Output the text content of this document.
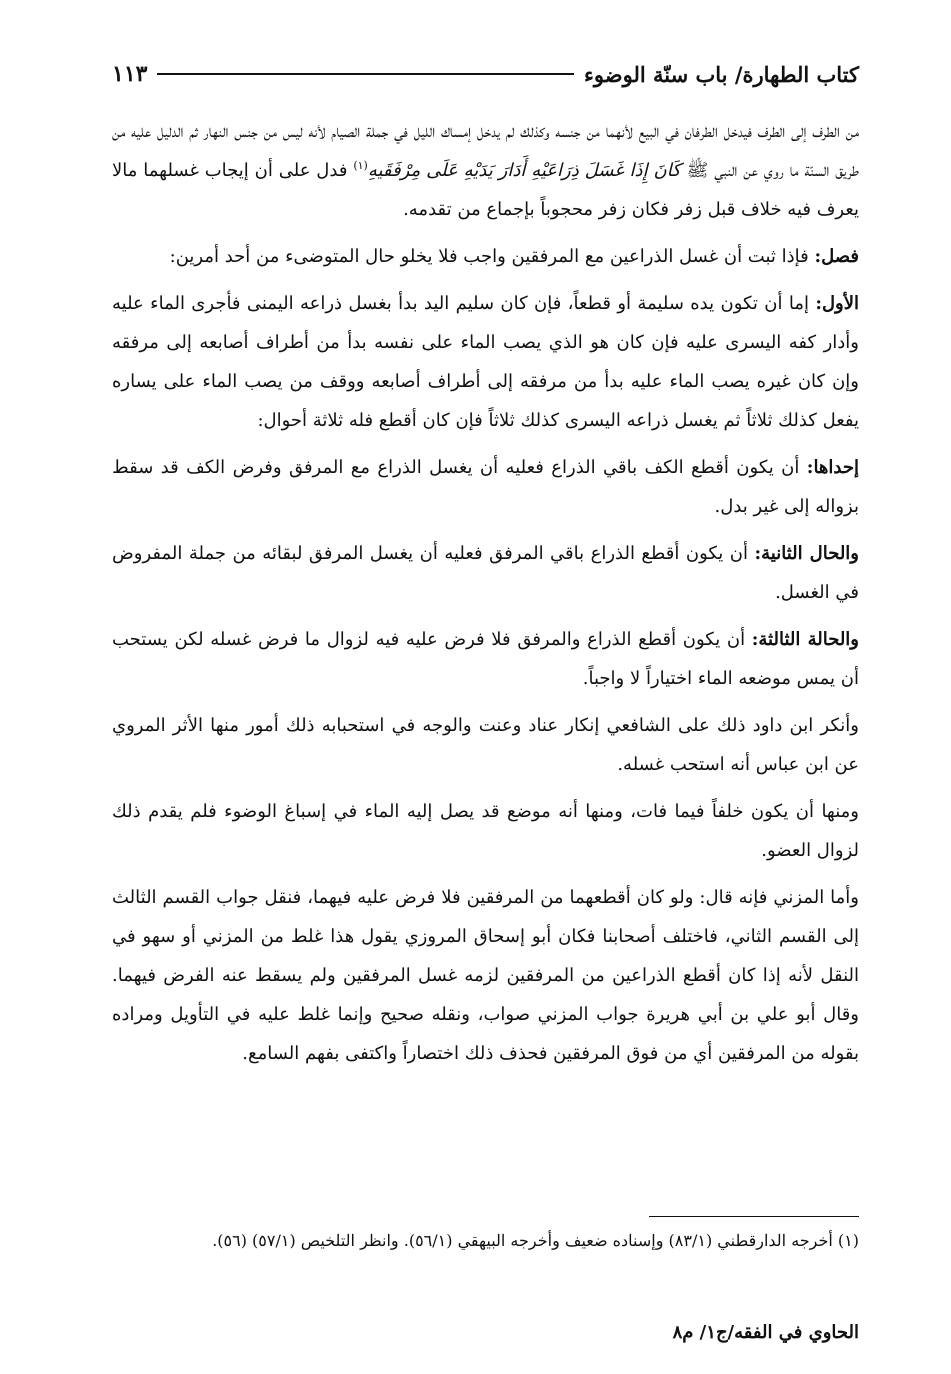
كتاب الطهارة/ باب سنّة الوضوء
١١٣

من الطرف إلى الطرف فيدخل الطرفان في البيع لأنهما من جنسه وكذلك لم يدخل إمساك الليل في جملة الصيام لأنه ليس من جنس النهار ثم الدليل عليه من طريق السنّة ما روي عن النبي ﷺ كَانَ إِذَا غَسَلَ ذِرَاعَيْهِ أَدَارَ يَدَيْهِ عَلَى مِرْفَقَيهِ$^{(١)}$ فدل على أن إيجاب غسلهما مالا يعرف فيه خلاف قبل زفر فكان زفر محجوباً بإجماع من تقدمه.

فصل: فإذا ثبت أن غسل الذراعين مع المرفقين واجب فلا يخلو حال المتوضىء من أحد أمرين:

الأول: إما أن تكون يده سليمة أو قطعاً، فإن كان سليم اليد بدأ بغسل ذراعه اليمنى فأجرى الماء عليه وأدار كفه اليسرى عليه فإن كان هو الذي يصب الماء على نفسه بدأ من أطراف أصابعه إلى مرفقه وإن كان غيره يصب الماء عليه بدأ من مرفقه إلى أطراف أصابعه ووقف من يصب الماء على يساره يفعل كذلك ثلاثاً ثم يغسل ذراعه اليسرى كذلك ثلاثاً فإن كان أقطع فله ثلاثة أحوال:

إحداها: أن يكون أقطع الكف باقي الذراع فعليه أن يغسل الذراع مع المرفق وفرض الكف قد سقط بزواله إلى غير بدل.

والحال الثانية: أن يكون أقطع الذراع باقي المرفق فعليه أن يغسل المرفق لبقائه من جملة المفروض في الغسل.

والحالة الثالثة: أن يكون أقطع الذراع والمرفق فلا فرض عليه فيه لزوال ما فرض غسله لكن يستحب أن يمس موضعه الماء اختياراً لا واجباً.

وأنكر ابن داود ذلك على الشافعي إنكار عناد وعنت والوجه في استحبابه ذلك أمور منها الأثر المروي عن ابن عباس أنه استحب غسله.

ومنها أن يكون خلفاً فيما فات، ومنها أنه موضع قد يصل إليه الماء في إسباغ الوضوء فلم يقدم ذلك لزوال العضو.

وأما المزني فإنه قال: ولو كان أقطعهما من المرفقين فلا فرض عليه فيهما، فنقل جواب القسم الثالث إلى القسم الثاني، فاختلف أصحابنا فكان أبو إسحاق المروزي يقول هذا غلط من المزني أو سهو في النقل لأنه إذا كان أقطع الذراعين من المرفقين لزمه غسل المرفقين ولم يسقط عنه الفرض فيهما. وقال أبو علي بن أبي هريرة جواب المزني صواب، ونقله صحيح وإنما غلط عليه في التأويل ومراده بقوله من المرفقين أي من فوق المرفقين فحذف ذلك اختصاراً واكتفى بفهم السامع.

(١) أخرجه الدارقطني (٨٣/١) وإسناده ضعيف وأخرجه البيهقي (٥٦/١). وانظر التلخيص (٥٧/١) (٥٦).
الحاوي في الفقه/ج١/ م٨
